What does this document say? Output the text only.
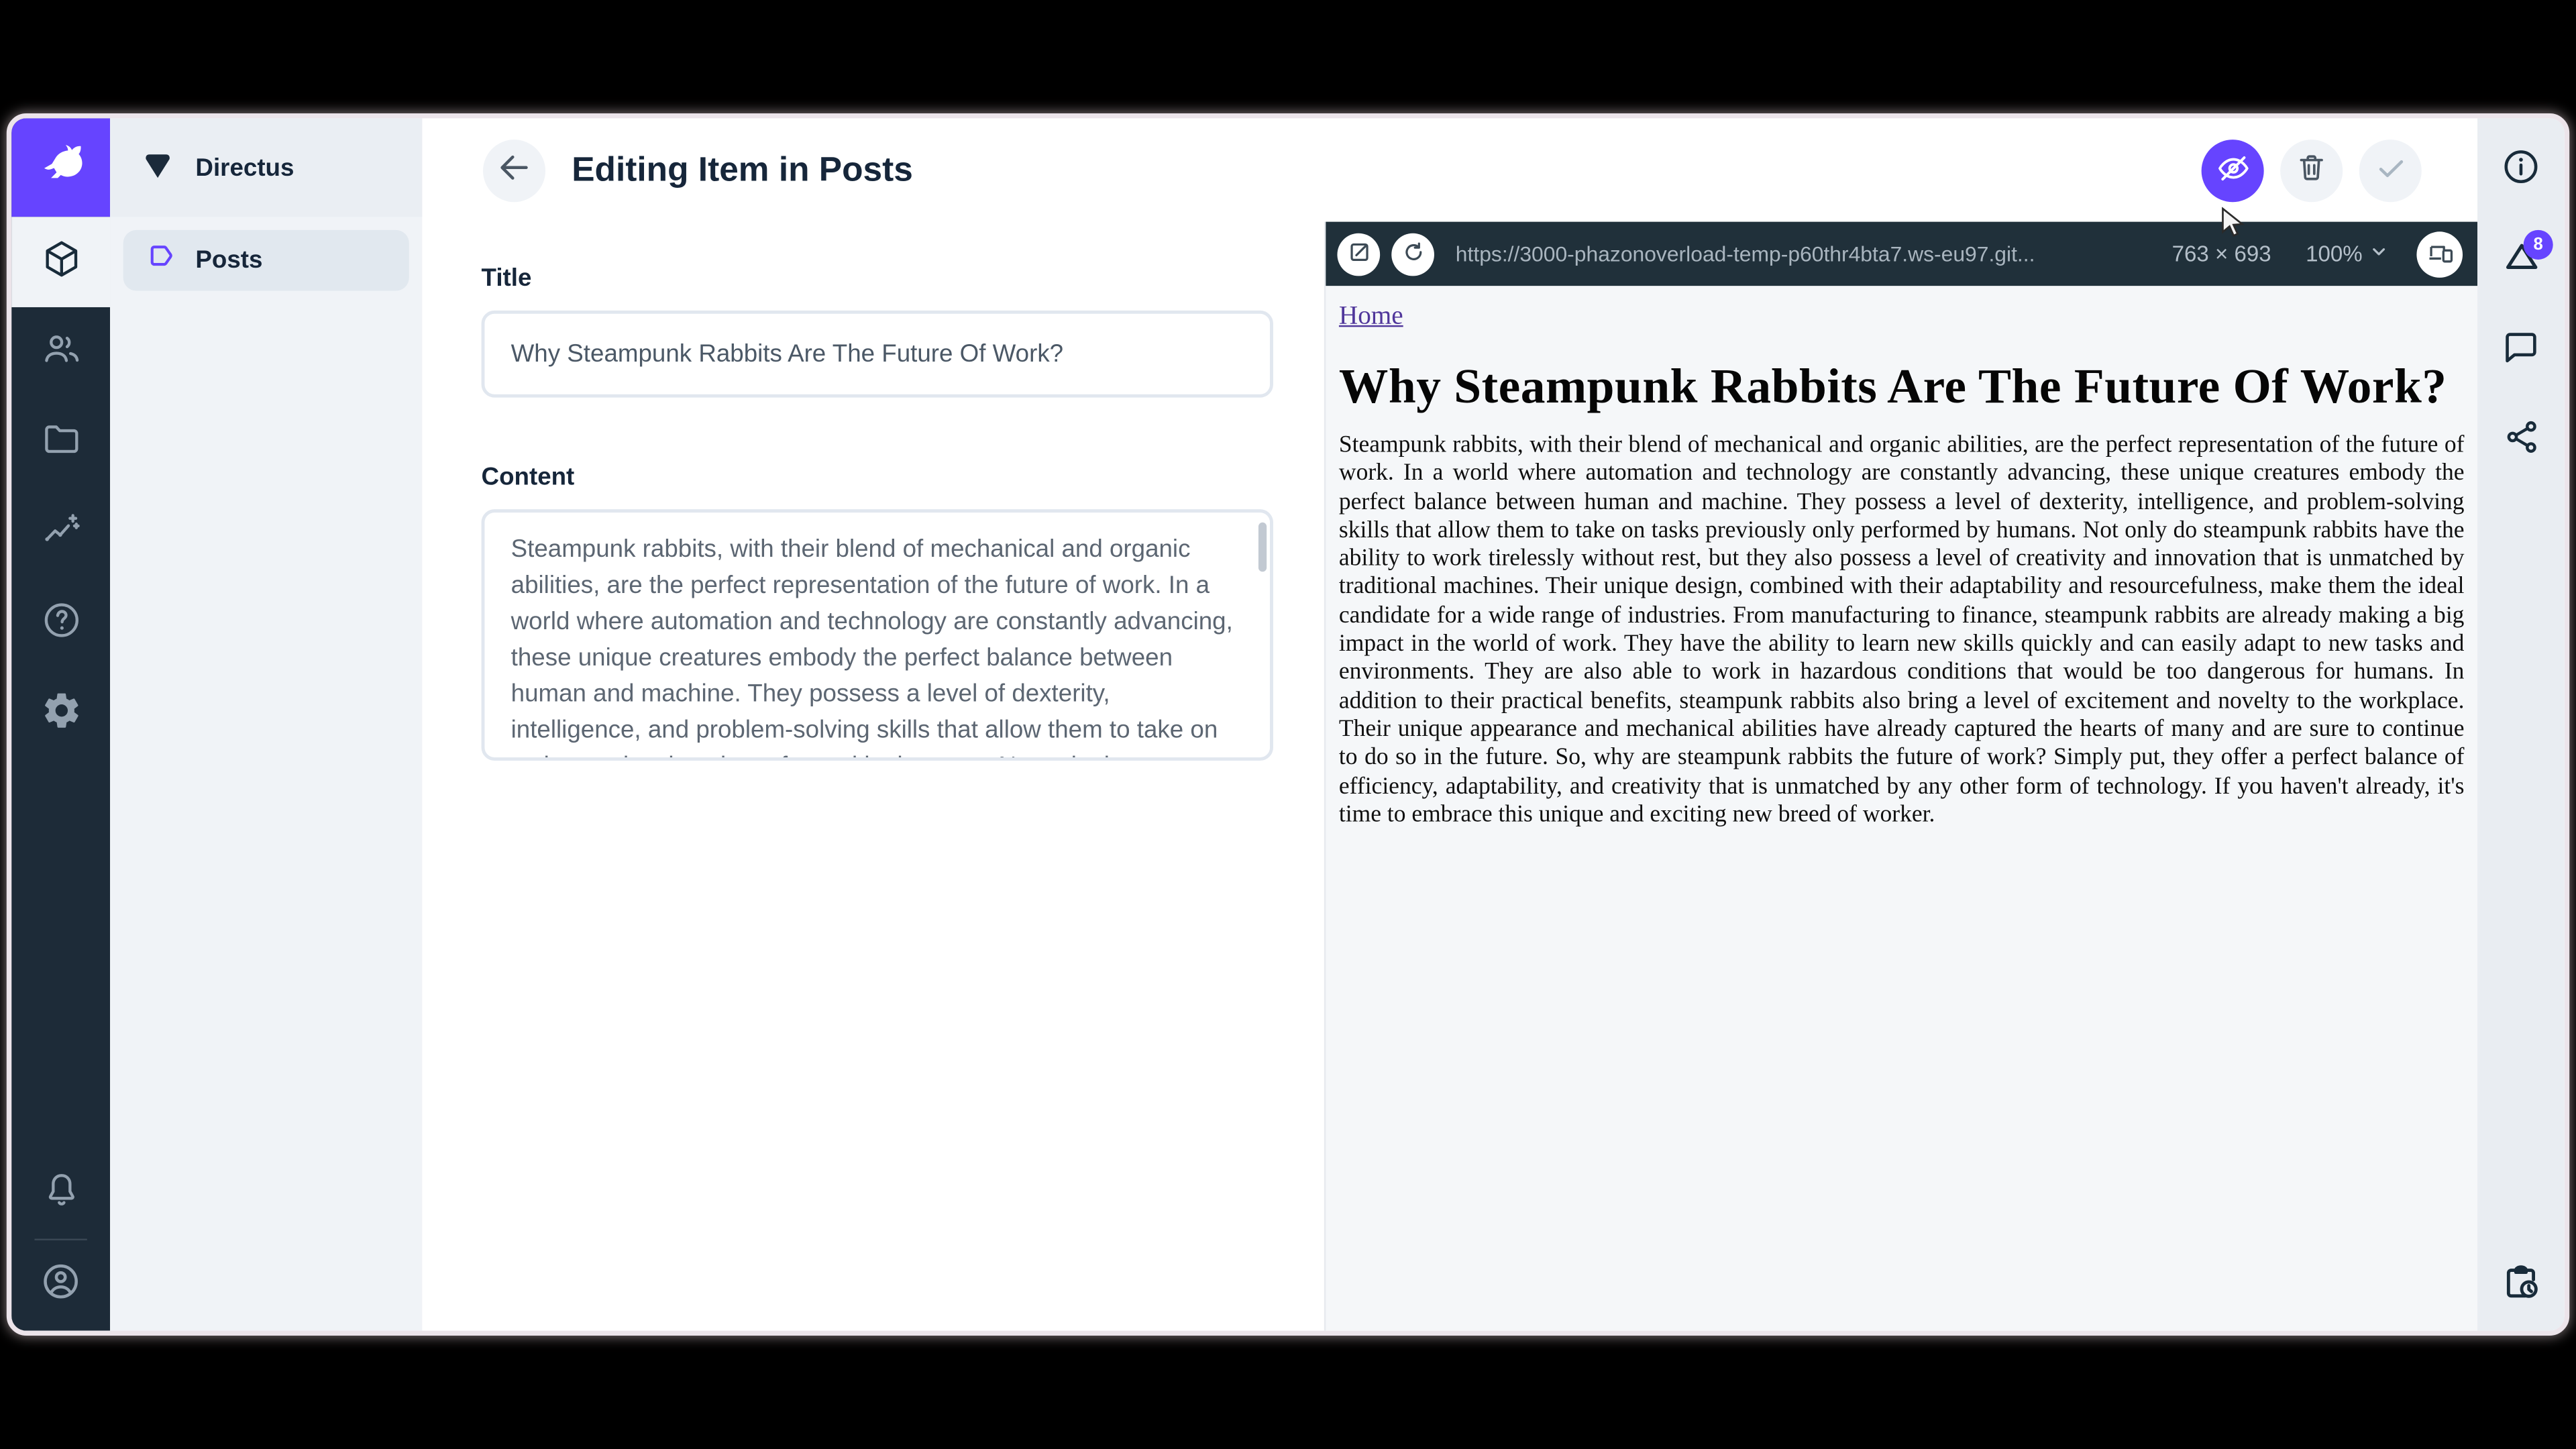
Directus
Posts
Editing Item in Posts
Title
Why Steampunk Rabbits Are The Future Of Work?
Content
Steampunk rabbits, with their blend of mechanical and organic abilities, are the perfect representation of the future of work. In a world where automation and technology are constantly advancing, these unique creatures embody the perfect balance between human and machine. They possess a level of dexterity, intelligence, and problem-solving skills that allow them to take on tasks previously only performed by humans. Not only do steampunk rabbits have the ability to work tirelessly without rest, but they also possess a level of creativity and innovation that is unmatched by traditional machines.
https://3000-phazonoverload-temp-p60thr4bta7.ws-eu97.git...	763 × 693	100%
Home
Why Steampunk Rabbits Are The Future Of Work?

Steampunk rabbits, with their blend of mechanical and organic abilities, are the perfect representation of the future of work. In a world where automation and technology are constantly advancing, these unique creatures embody the perfect balance between human and machine. They possess a level of dexterity, intelligence, and problem-solving skills that allow them to take on tasks previously only performed by humans. Not only do steampunk rabbits have the ability to work tirelessly without rest, but they also possess a level of creativity and innovation that is unmatched by traditional machines. Their unique design, combined with their adaptability and resourcefulness, make them the ideal candidate for a wide range of industries. From manufacturing to finance, steampunk rabbits are already making a big impact in the world of work. They have the ability to learn new skills quickly and can easily adapt to new tasks and environments. They are also able to work in hazardous conditions that would be too dangerous for humans. In addition to their practical benefits, steampunk rabbits also bring a level of excitement and novelty to the workplace. Their unique appearance and mechanical abilities have already captured the hearts of many and are sure to continue to do so in the future. So, why are steampunk rabbits the future of work? Simply put, they offer a perfect balance of efficiency, adaptability, and creativity that is unmatched by any other form of technology. If you haven't already, it's time to embrace this unique and exciting new breed of worker.

8
